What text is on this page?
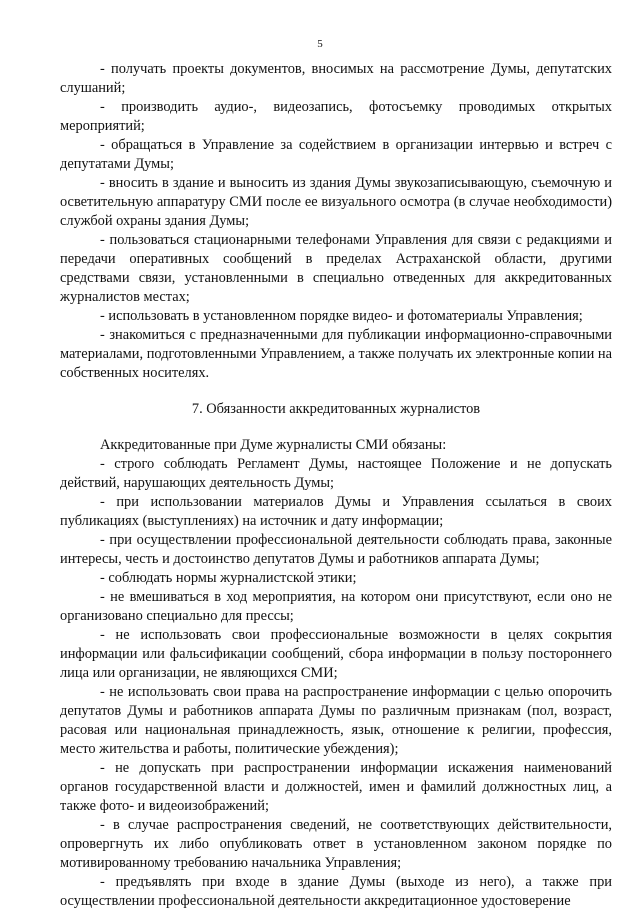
5

- получать проекты документов, вносимых на рассмотрение Думы, депутатских слушаний;

- производить аудио-, видеозапись, фотосъемку проводимых открытых мероприятий;

- обращаться в Управление за содействием в организации интервью и встреч с депутатами Думы;

- вносить в здание и выносить из здания Думы звукозаписывающую, съемочную и осветительную аппаратуру СМИ после ее визуального осмотра (в случае необходимости) службой охраны здания Думы;

- пользоваться стационарными телефонами Управления для связи с редакциями и передачи оперативных сообщений в пределах Астраханской области, другими средствами связи, установленными в специально отведенных для аккредитованных журналистов местах;

- использовать в установленном порядке видео- и фотоматериалы Управления;

- знакомиться с предназначенными для публикации информационно-справочными материалами, подготовленными Управлением, а также получать их электронные копии на собственных носителях.

7. Обязанности аккредитованных журналистов

Аккредитованные при Думе журналисты СМИ обязаны:

- строго соблюдать Регламент Думы, настоящее Положение и не допускать действий, нарушающих деятельность Думы;

- при использовании материалов Думы и Управления ссылаться в своих публикациях (выступлениях) на источник и дату информации;

- при осуществлении профессиональной деятельности соблюдать права, законные интересы, честь и достоинство депутатов Думы и работников аппарата Думы;

- соблюдать нормы журналистской этики;

- не вмешиваться в ход мероприятия, на котором они присутствуют, если оно не организовано специально для прессы;

- не использовать свои профессиональные возможности в целях сокрытия информации или фальсификации сообщений, сбора информации в пользу постороннего лица или организации, не являющихся СМИ;

- не использовать свои права на распространение информации с целью опорочить депутатов Думы и работников аппарата Думы по различным признакам (пол, возраст, расовая или национальная принадлежность, язык, отношение к религии, профессия, место жительства и работы, политические убеждения);

- не допускать при распространении информации искажения наименований органов государственной власти и должностей, имен и фамилий должностных лиц, а также фото- и видеоизображений;

- в случае распространения сведений, не соответствующих действительности, опровергнуть их либо опубликовать ответ в установленном законом порядке по мотивированному требованию начальника Управления;

- предъявлять при входе в здание Думы (выходе из него), а также при осуществлении профессиональной деятельности аккредитационное удостоверение
